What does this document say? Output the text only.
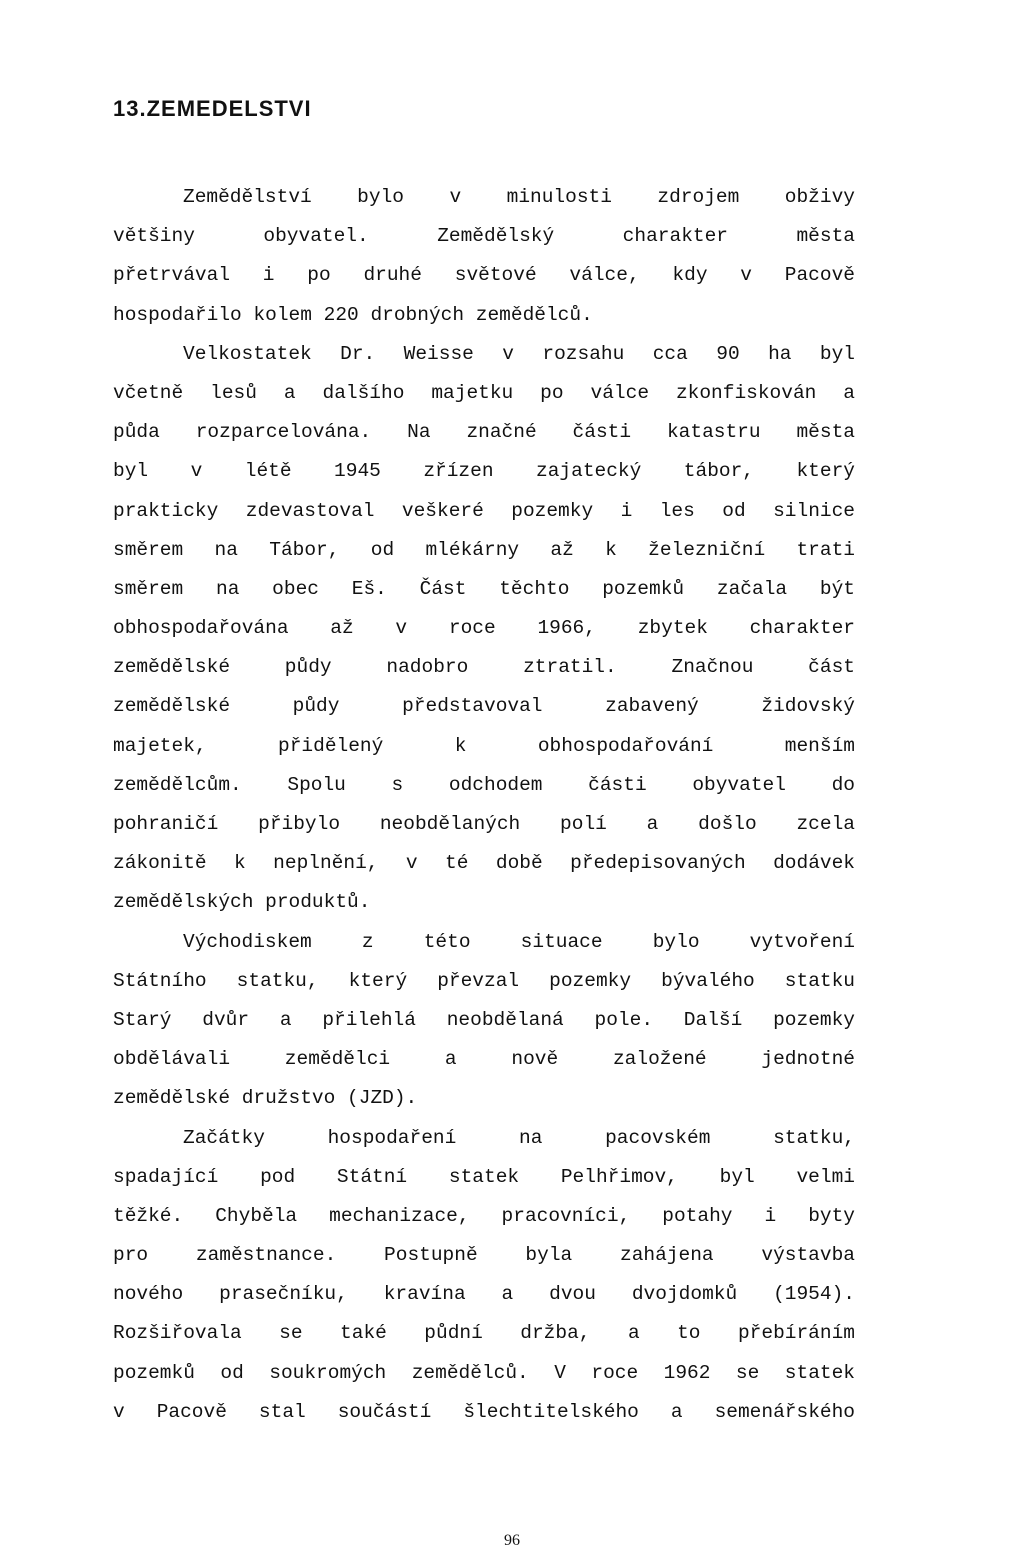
13.ZEMEDELSTVI
Zemědělství bylo v minulosti zdrojem obživy
většiny obyvatel. Zemědělský charakter města
přetrvával i po druhé světové válce, kdy v Pacově
hospodařilo kolem 220 drobných zemědělců.
Velkostatek Dr. Weisse v rozsahu cca 90 ha byl
včetně lesů a dalšího majetku po válce zkonfiskován a
půda rozparcelována. Na značné části katastru města
byl v létě 1945 zřízen zajatecký tábor, který
prakticky zdevastoval veškeré pozemky i les od silnice
směrem na Tábor, od mlékárny až k železniční trati
směrem na obec Eš. Část těchto pozemků začala být
obhospodařována až v roce 1966, zbytek charakter
zemědělské půdy nadobro ztratil. Značnou část
zemědělské půdy představoval zabavený židovský
majetek, přidělený k obhospodařování menším
zemědělcům. Spolu s odchodem části obyvatel do
pohraničí přibylo neobdělaných polí a došlo zcela
zákonitě k neplnění, v té době předepisovaných dodávek
zemědělských produktů.
Východiskem z této situace bylo vytvoření
Státního statku, který převzal pozemky bývalého statku
Starý dvůr a přilehlá neobdělaná pole. Další pozemky
obdělávali zemědělci a nově založené jednotné
zemědělské družstvo (JZD).
Začátky hospodaření na pacovském statku,
spadající pod Státní statek Pelhřimov, byl velmi
těžké. Chyběla mechanizace, pracovníci, potahy i byty
pro zaměstnance. Postupně byla zahájena výstavba
nového prasečníku, kravína a dvou dvojdomků (1954).
Rozšiřovala se také půdní držba, a to přebíráním
pozemků od soukromých zemědělců. V roce 1962 se statek
v Pacově stal součástí šlechtitelského a semenářského
96
